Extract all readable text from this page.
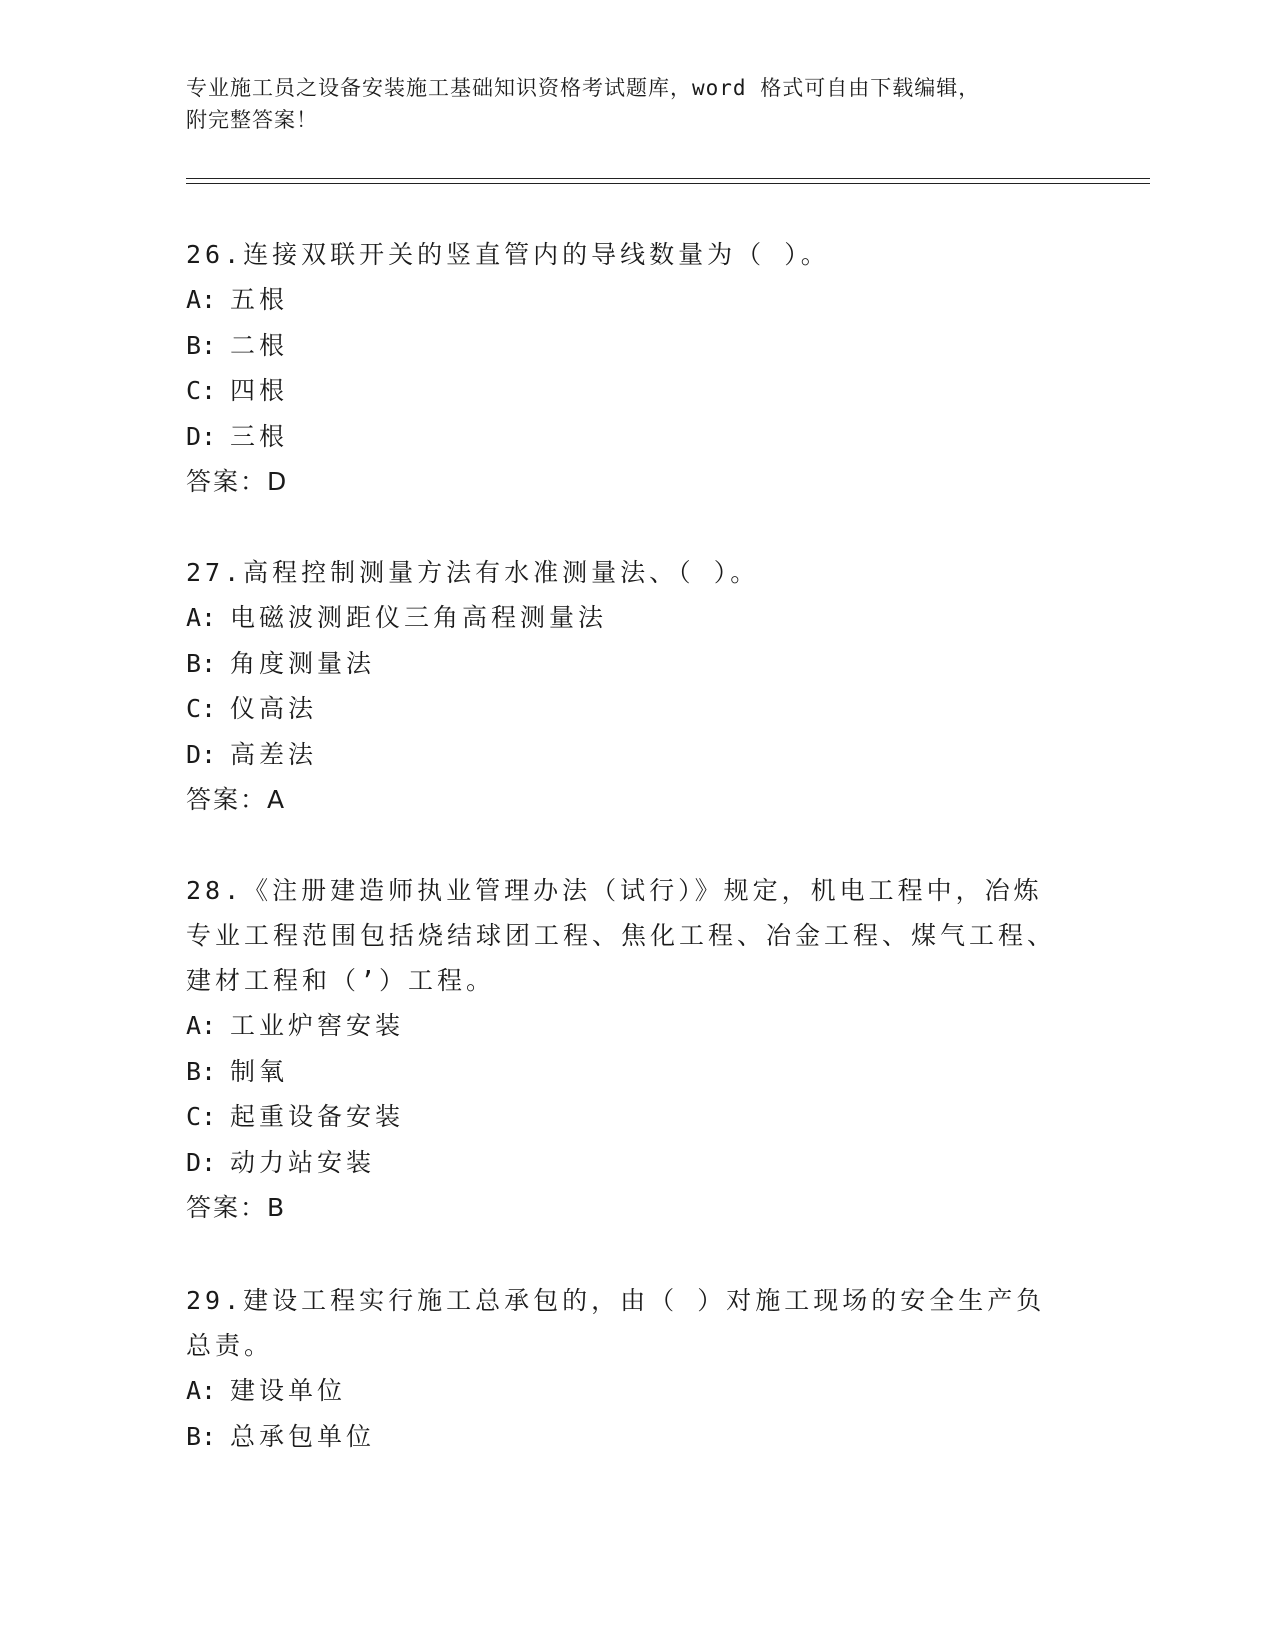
专业施工员之设备安装施工基础知识资格考试题库，word 格式可自由下载编辑，
附完整答案！

26.连接双联开关的竖直管内的导线数量为（ ）。

A: 五根

B: 二根

C: 四根

D: 三根

答案：D

27.高程控制测量方法有水准测量法、（ ）。

A: 电磁波测距仪三角高程测量法

B: 角度测量法

C: 仪高法

D: 高差法

答案：A

28.《注册建造师执业管理办法（试行）》规定，机电工程中，冶炼专业工程范围包括烧结球团工程、焦化工程、冶金工程、煤气工程、建材工程和（’）工程。

A: 工业炉窖安装

B: 制氧

C: 起重设备安装

D: 动力站安装

答案：B

29.建设工程实行施工总承包的，由（ ）对施工现场的安全生产负总责。

A: 建设单位

B: 总承包单位
